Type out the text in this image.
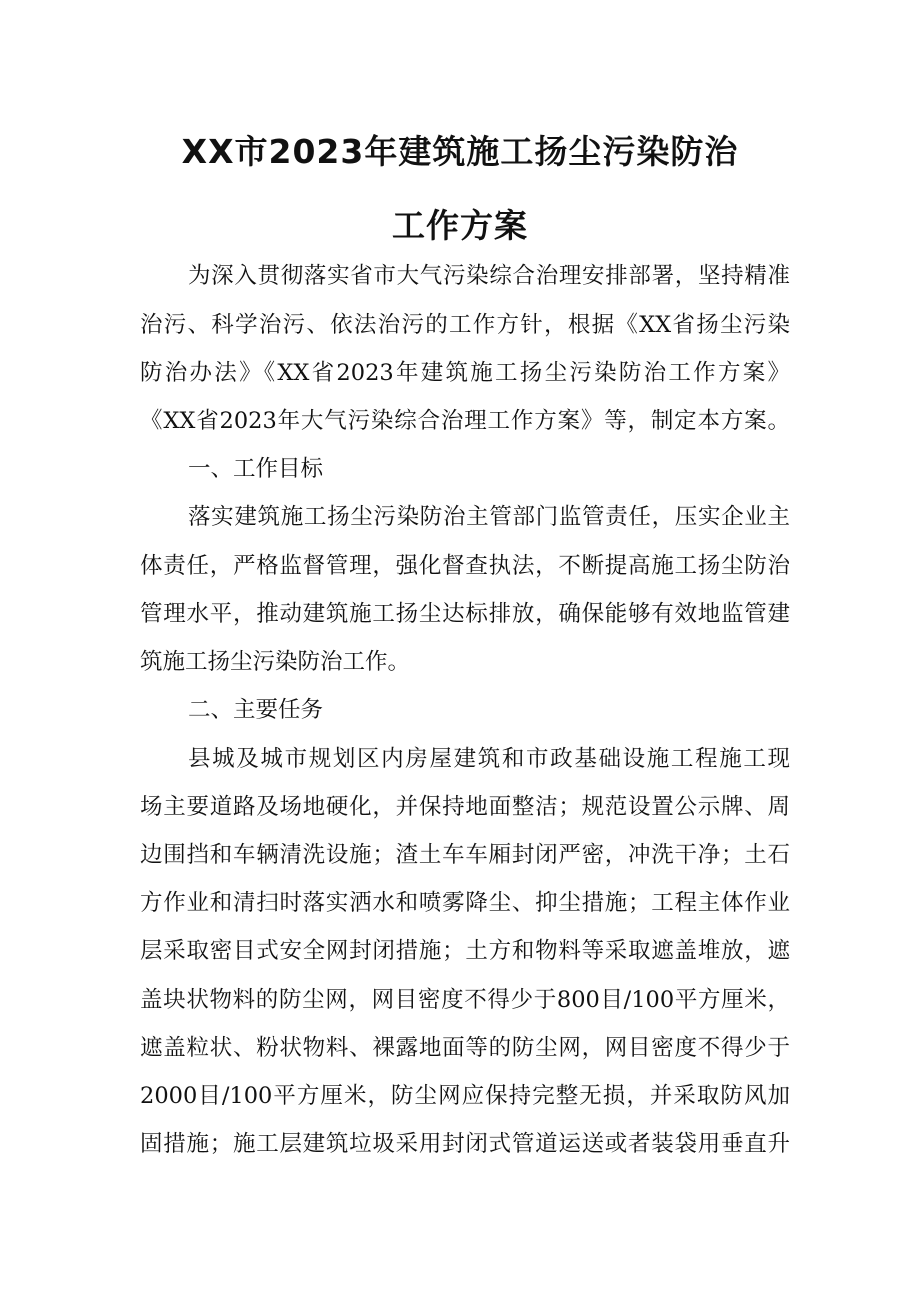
XX市2023年建筑施工扬尘污染防治
工作方案
为深入贯彻落实省市大气污染综合治理安排部署，坚持精准
治污、科学治污、依法治污的工作方针，根据《XX省扬尘污染
防治办法》《XX省2023年建筑施工扬尘污染防治工作方案》
《XX省2023年大气污染综合治理工作方案》等，制定本方案。
一、工作目标
落实建筑施工扬尘污染防治主管部门监管责任，压实企业主
体责任，严格监督管理，强化督查执法，不断提高施工扬尘防治
管理水平，推动建筑施工扬尘达标排放，确保能够有效地监管建
筑施工扬尘污染防治工作。
二、主要任务
县城及城市规划区内房屋建筑和市政基础设施工程施工现
场主要道路及场地硬化，并保持地面整洁；规范设置公示牌、周
边围挡和车辆清洗设施；渣土车车厢封闭严密，冲洗干净；土石
方作业和清扫时落实洒水和喷雾降尘、抑尘措施；工程主体作业
层采取密目式安全网封闭措施；土方和物料等采取遮盖堆放，遮
盖块状物料的防尘网，网目密度不得少于800目/100平方厘米，
遮盖粒状、粉状物料、裸露地面等的防尘网，网目密度不得少于
2000目/100平方厘米，防尘网应保持完整无损，并采取防风加
固措施；施工层建筑垃圾采用封闭式管道运送或者装袋用垂直升
